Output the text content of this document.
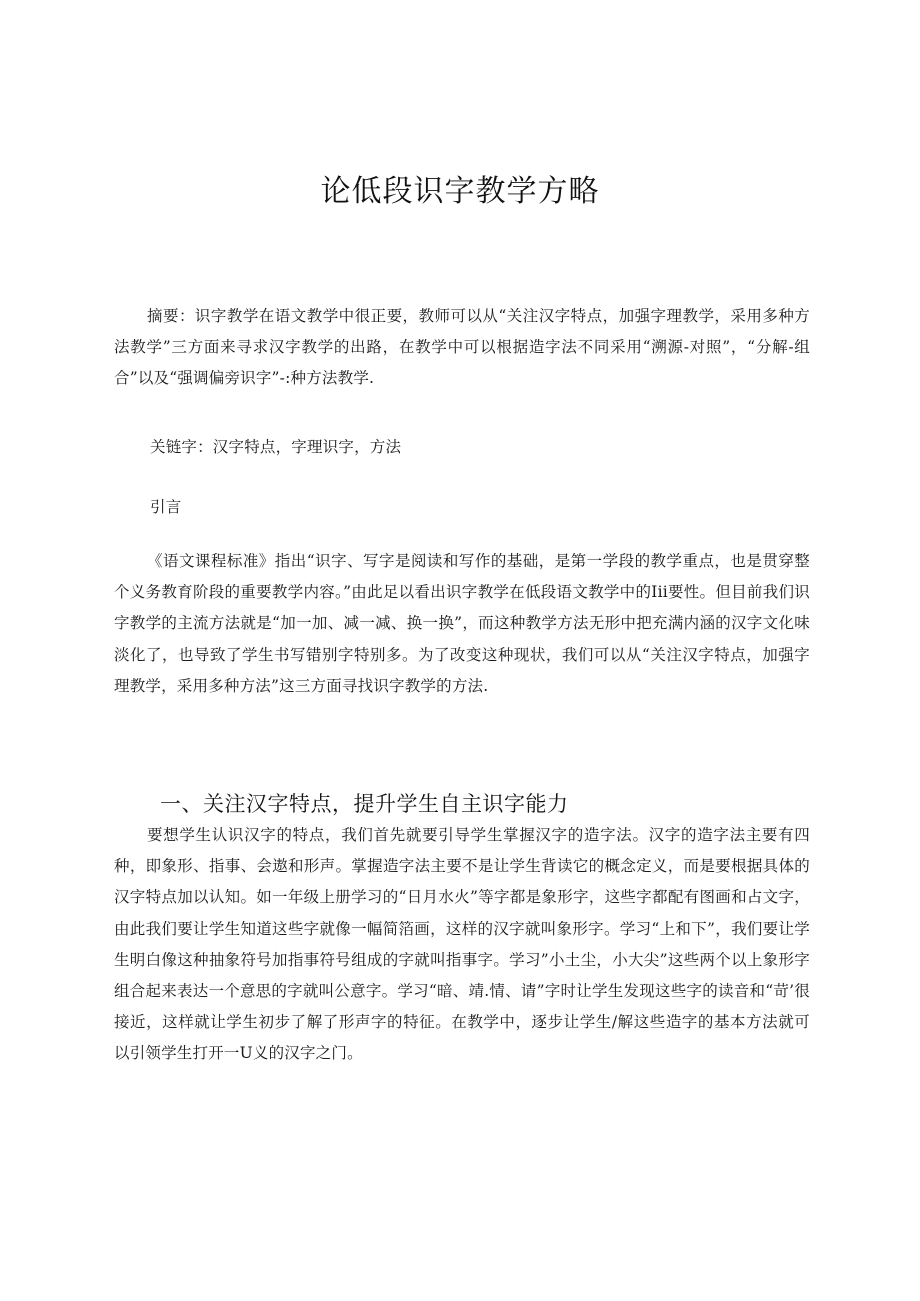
论低段识字教学方略

摘要：识字教学在语文教学中很正要，教师可以从“关注汉字特点，加强字理教学，采用多种方法教学”三方面来寻求汉字教学的出路，在教学中可以根据造字法不同采用“溯源-对照”，“分解-组合”以及“强调偏旁识字”-:种方法教学.

关链字：汉字特点，字理识字，方法

引言

《语文课程标准》指出“识字、写字是阅读和写作的基础，是第一学段的教学重点，也是贯穿整个义务教育阶段的重要教学内容。”由此足以看出识字教学在低段语文教学中的Iii要性。但目前我们识字教学的主流方法就是“加一加、减一减、换一换”，而这种教学方法无形中把充满内涵的汉字文化味淡化了，也导致了学生书写错别字特别多。为了改变这种现状，我们可以从“关注汉字特点，加强字理教学，采用多种方法”这三方面寻找识字教学的方法.

一、关注汉字特点，提升学生自主识字能力

要想学生认识汉字的特点，我们首先就要引导学生掌握汉字的造字法。汉字的造字法主要有四种，即象形、指事、会遨和形声。掌握造字法主要不是让学生背读它的概念定义，而是要根据具体的汉字特点加以认知。如一年级上册学习的“日月水火”等字都是象形字，这些字都配有图画和占文字，由此我们要让学生知道这些字就像一幅简箔画，这样的汉字就叫象形字。学习“上和下”，我们要让学生明白像这种抽象符号加指事符号组成的字就叫指事字。学习”小土尘，小大尖”这些两个以上象形字组合起来表达一个意思的字就叫公意字。学习“暗、靖.情、请”字时让学生发现这些字的读音和“苛’很接近，这样就让学生初步了解了形声字的特征。在教学中，逐步让学生/解这些造字的基本方法就可以引领学生打开一U义的汉字之门。
